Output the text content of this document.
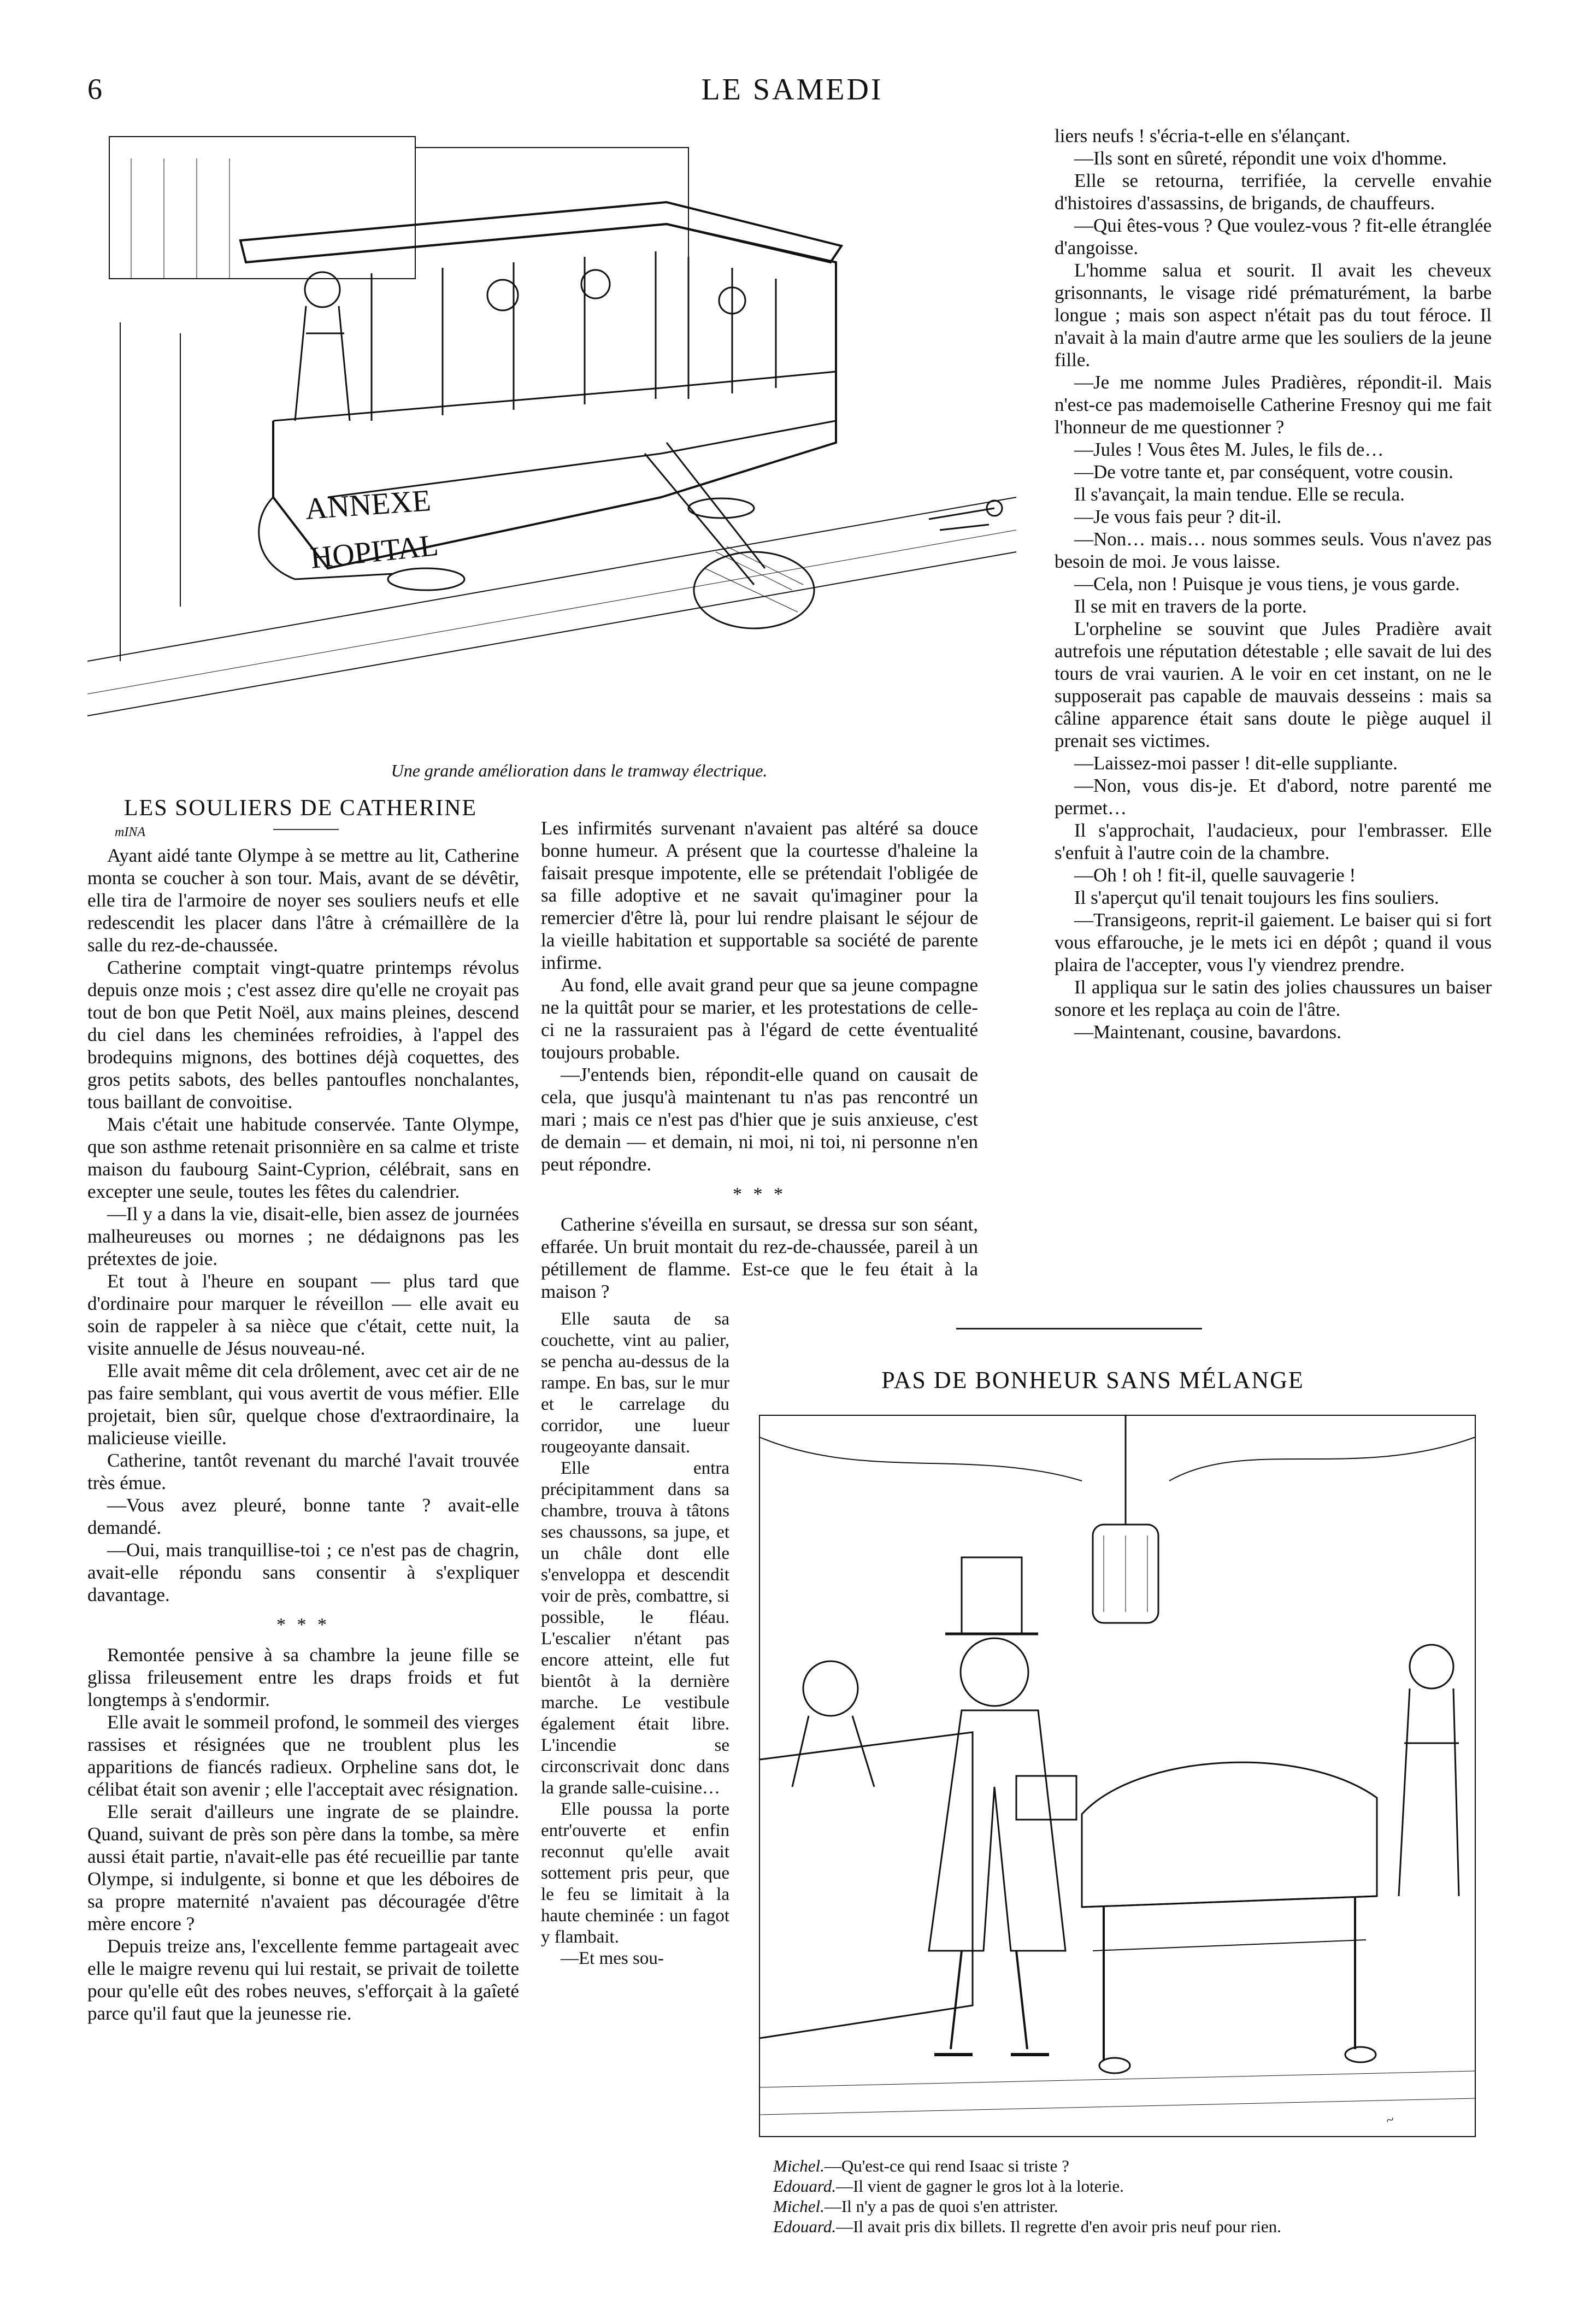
6	LE SAMEDI
ANNEXE
HOPITAL
Une grande amélioration dans le tramway électrique.
LES SOULIERS DE CATHERINE
mINA

Ayant aidé tante Olympe à se mettre au lit, Catherine monta se coucher à son tour. Mais, avant de se dévêtir, elle tira de l'armoire de noyer ses souliers neufs et elle redescendit les placer dans l'âtre à crémaillère de la salle du rez-de-chaussée.

Catherine comptait vingt-quatre printemps révolus depuis onze mois ; c'est assez dire qu'elle ne croyait pas tout de bon que Petit Noël, aux mains pleines, descend du ciel dans les cheminées refroidies, à l'appel des brodequins mignons, des bottines déjà coquettes, des gros petits sabots, des belles pantoufles nonchalantes, tous baillant de convoitise.

Mais c'était une habitude conservée. Tante Olympe, que son asthme retenait prisonnière en sa calme et triste maison du faubourg Saint-Cyprion, célébrait, sans en excepter une seule, toutes les fêtes du calendrier.

—Il y a dans la vie, disait-elle, bien assez de journées malheureuses ou mornes ; ne dédaignons pas les prétextes de joie.

Et tout à l'heure en soupant — plus tard que d'ordinaire pour marquer le réveillon — elle avait eu soin de rappeler à sa nièce que c'était, cette nuit, la visite annuelle de Jésus nouveau-né.

Elle avait même dit cela drôlement, avec cet air de ne pas faire semblant, qui vous avertit de vous méfier. Elle projetait, bien sûr, quelque chose d'extraordinaire, la malicieuse vieille.

Catherine, tantôt revenant du marché l'avait trouvée très émue.

—Vous avez pleuré, bonne tante ? avait-elle demandé.

—Oui, mais tranquillise-toi ; ce n'est pas de chagrin, avait-elle répondu sans consentir à s'expliquer davantage.

* * *

Remontée pensive à sa chambre la jeune fille se glissa frileusement entre les draps froids et fut longtemps à s'endormir.

Elle avait le sommeil profond, le sommeil des vierges rassises et résignées que ne troublent plus les apparitions de fiancés radieux. Orpheline sans dot, le célibat était son avenir ; elle l'acceptait avec résignation.

Elle serait d'ailleurs une ingrate de se plaindre. Quand, suivant de près son père dans la tombe, sa mère aussi était partie, n'avait-elle pas été recueillie par tante Olympe, si indulgente, si bonne et que les déboires de sa propre maternité n'avaient pas découragée d'être mère encore ?

Depuis treize ans, l'excellente femme partageait avec elle le maigre revenu qui lui restait, se privait de toilette pour qu'elle eût des robes neuves, s'efforçait à la gaîeté parce qu'il faut que la jeunesse rie.

Les infirmités survenant n'avaient pas altéré sa douce bonne humeur. A présent que la courtesse d'haleine la faisait presque impotente, elle se prétendait l'obligée de sa fille adoptive et ne savait qu'imaginer pour la remercier d'être là, pour lui rendre plaisant le séjour de la vieille habitation et supportable sa société de parente infirme.

Au fond, elle avait grand peur que sa jeune compagne ne la quittât pour se marier, et les protestations de celle-ci ne la rassuraient pas à l'égard de cette éventualité toujours probable.

—J'entends bien, répondit-elle quand on causait de cela, que jusqu'à maintenant tu n'as pas rencontré un mari ; mais ce n'est pas d'hier que je suis anxieuse, c'est de demain — et demain, ni moi, ni toi, ni personne n'en peut répondre.

* * *

Catherine s'éveilla en sursaut, se dressa sur son séant, effarée. Un bruit montait du rez-de-chaussée, pareil à un pétillement de flamme. Est-ce que le feu était à la maison ?

Elle sauta de sa couchette, vint au palier, se pencha au-dessus de la rampe. En bas, sur le mur et le carrelage du corridor, une lueur rougeoyante dansait.

Elle entra précipitamment dans sa chambre, trouva à tâtons ses chaussons, sa jupe, et un châle dont elle s'enveloppa et descendit voir de près, combattre, si possible, le fléau. L'escalier n'étant pas encore atteint, elle fut bientôt à la dernière marche. Le vestibule également était libre. L'incendie se circonscrivait donc dans la grande salle-cuisine…

Elle poussa la porte entr'ouverte et enfin reconnut qu'elle avait sottement pris peur, que le feu se limitait à la haute cheminée : un fagot y flambait.

—Et mes sou-

liers neufs ! s'écria-t-elle en s'élançant.

—Ils sont en sûreté, répondit une voix d'homme.

Elle se retourna, terrifiée, la cervelle envahie d'histoires d'assassins, de brigands, de chauffeurs.

—Qui êtes-vous ? Que voulez-vous ? fit-elle étranglée d'angoisse.

L'homme salua et sourit. Il avait les cheveux grisonnants, le visage ridé prématurément, la barbe longue ; mais son aspect n'était pas du tout féroce. Il n'avait à la main d'autre arme que les souliers de la jeune fille.

—Je me nomme Jules Pradières, répondit-il. Mais n'est-ce pas mademoiselle Catherine Fresnoy qui me fait l'honneur de me questionner ?

—Jules ! Vous êtes M. Jules, le fils de…

—De votre tante et, par conséquent, votre cousin.

Il s'avançait, la main tendue. Elle se recula.

—Je vous fais peur ? dit-il.

—Non… mais… nous sommes seuls. Vous n'avez pas besoin de moi. Je vous laisse.

—Cela, non ! Puisque je vous tiens, je vous garde.

Il se mit en travers de la porte.

L'orpheline se souvint que Jules Pradière avait autrefois une réputation détestable ; elle savait de lui des tours de vrai vaurien. A le voir en cet instant, on ne le supposerait pas capable de mauvais desseins : mais sa câline apparence était sans doute le piège auquel il prenait ses victimes.

—Laissez-moi passer ! dit-elle suppliante.

—Non, vous dis-je. Et d'abord, notre parenté me permet…

Il s'approchait, l'audacieux, pour l'embrasser. Elle s'enfuit à l'autre coin de la chambre.

—Oh ! oh ! fit-il, quelle sauvagerie !

Il s'aperçut qu'il tenait toujours les fins souliers.

—Transigeons, reprit-il gaiement. Le baiser qui si fort vous effarouche, je le mets ici en dépôt ; quand il vous plaira de l'accepter, vous l'y viendrez prendre.

Il appliqua sur le satin des jolies chaussures un baiser sonore et les replaça au coin de l'âtre.

—Maintenant, cousine, bavardons.

PAS DE BONHEUR SANS MÉLANGE
~
Michel.—Qu'est-ce qui rend Isaac si triste ?
Edouard.—Il vient de gagner le gros lot à la loterie.
Michel.—Il n'y a pas de quoi s'en attrister.
Edouard.—Il avait pris dix billets. Il regrette d'en avoir pris neuf pour rien.
